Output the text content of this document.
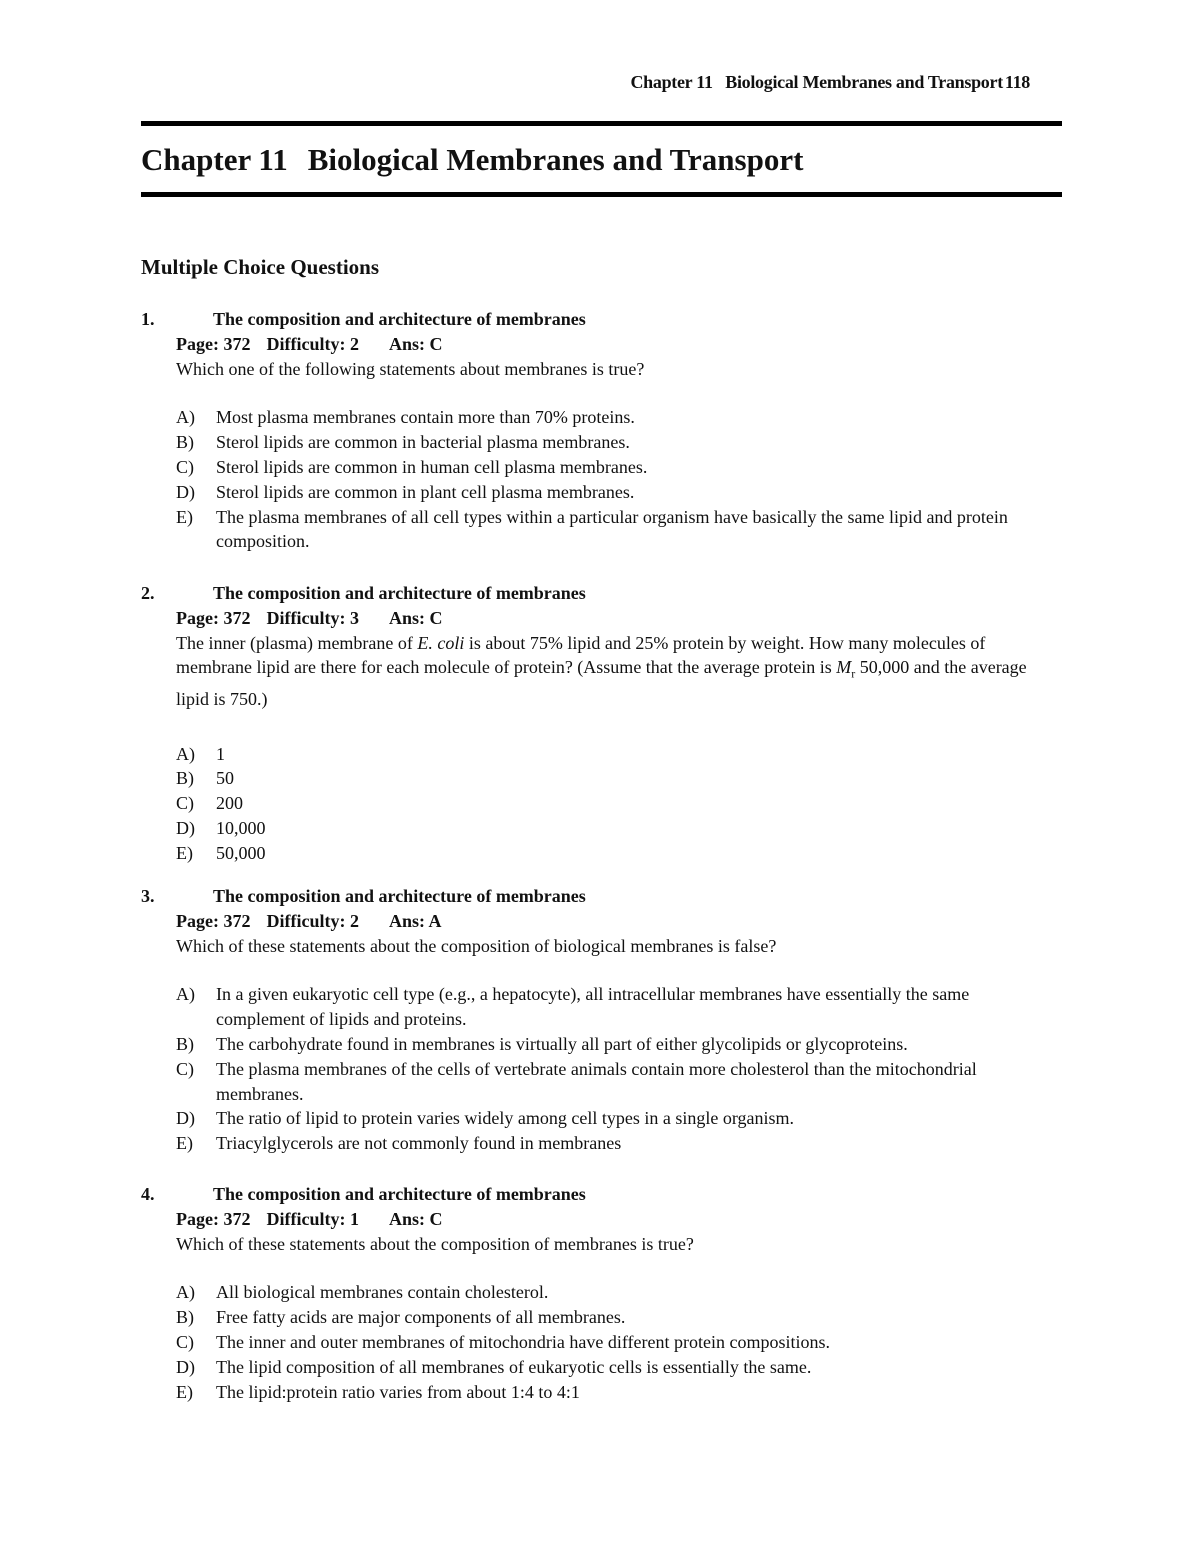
Chapter 11   Biological Membranes and Transport 118
Chapter 11 Biological Membranes and Transport
Multiple Choice Questions
1.	The composition and architecture of membranes
Page: 372 Difficulty: 2 Ans: C
Which one of the following statements about membranes is true?
A)	Most plasma membranes contain more than 70% proteins.
B)	Sterol lipids are common in bacterial plasma membranes.
C)	Sterol lipids are common in human cell plasma membranes.
D)	Sterol lipids are common in plant cell plasma membranes.
E)	The plasma membranes of all cell types within a particular organism have basically the same lipid and protein composition.
2.	The composition and architecture of membranes
Page: 372 Difficulty: 3 Ans: C
The inner (plasma) membrane of E. coli is about 75% lipid and 25% protein by weight. How many molecules of membrane lipid are there for each molecule of protein? (Assume that the average protein is $M_r$ 50,000 and the average lipid is 750.)
A)	1
B)	50
C)	200
D)	10,000
E)	50,000
3.	The composition and architecture of membranes
Page: 372 Difficulty: 2 Ans: A
Which of these statements about the composition of biological membranes is false?
A)	In a given eukaryotic cell type (e.g., a hepatocyte), all intracellular membranes have essentially the same complement of lipids and proteins.
B)	The carbohydrate found in membranes is virtually all part of either glycolipids or glycoproteins.
C)	The plasma membranes of the cells of vertebrate animals contain more cholesterol than the mitochondrial membranes.
D)	The ratio of lipid to protein varies widely among cell types in a single organism.
E)	Triacylglycerols are not commonly found in membranes
4.	The composition and architecture of membranes
Page: 372 Difficulty: 1 Ans: C
Which of these statements about the composition of membranes is true?
A)	All biological membranes contain cholesterol.
B)	Free fatty acids are major components of all membranes.
C)	The inner and outer membranes of mitochondria have different protein compositions.
D)	The lipid composition of all membranes of eukaryotic cells is essentially the same.
E)	The lipid:protein ratio varies from about 1:4 to 4:1
